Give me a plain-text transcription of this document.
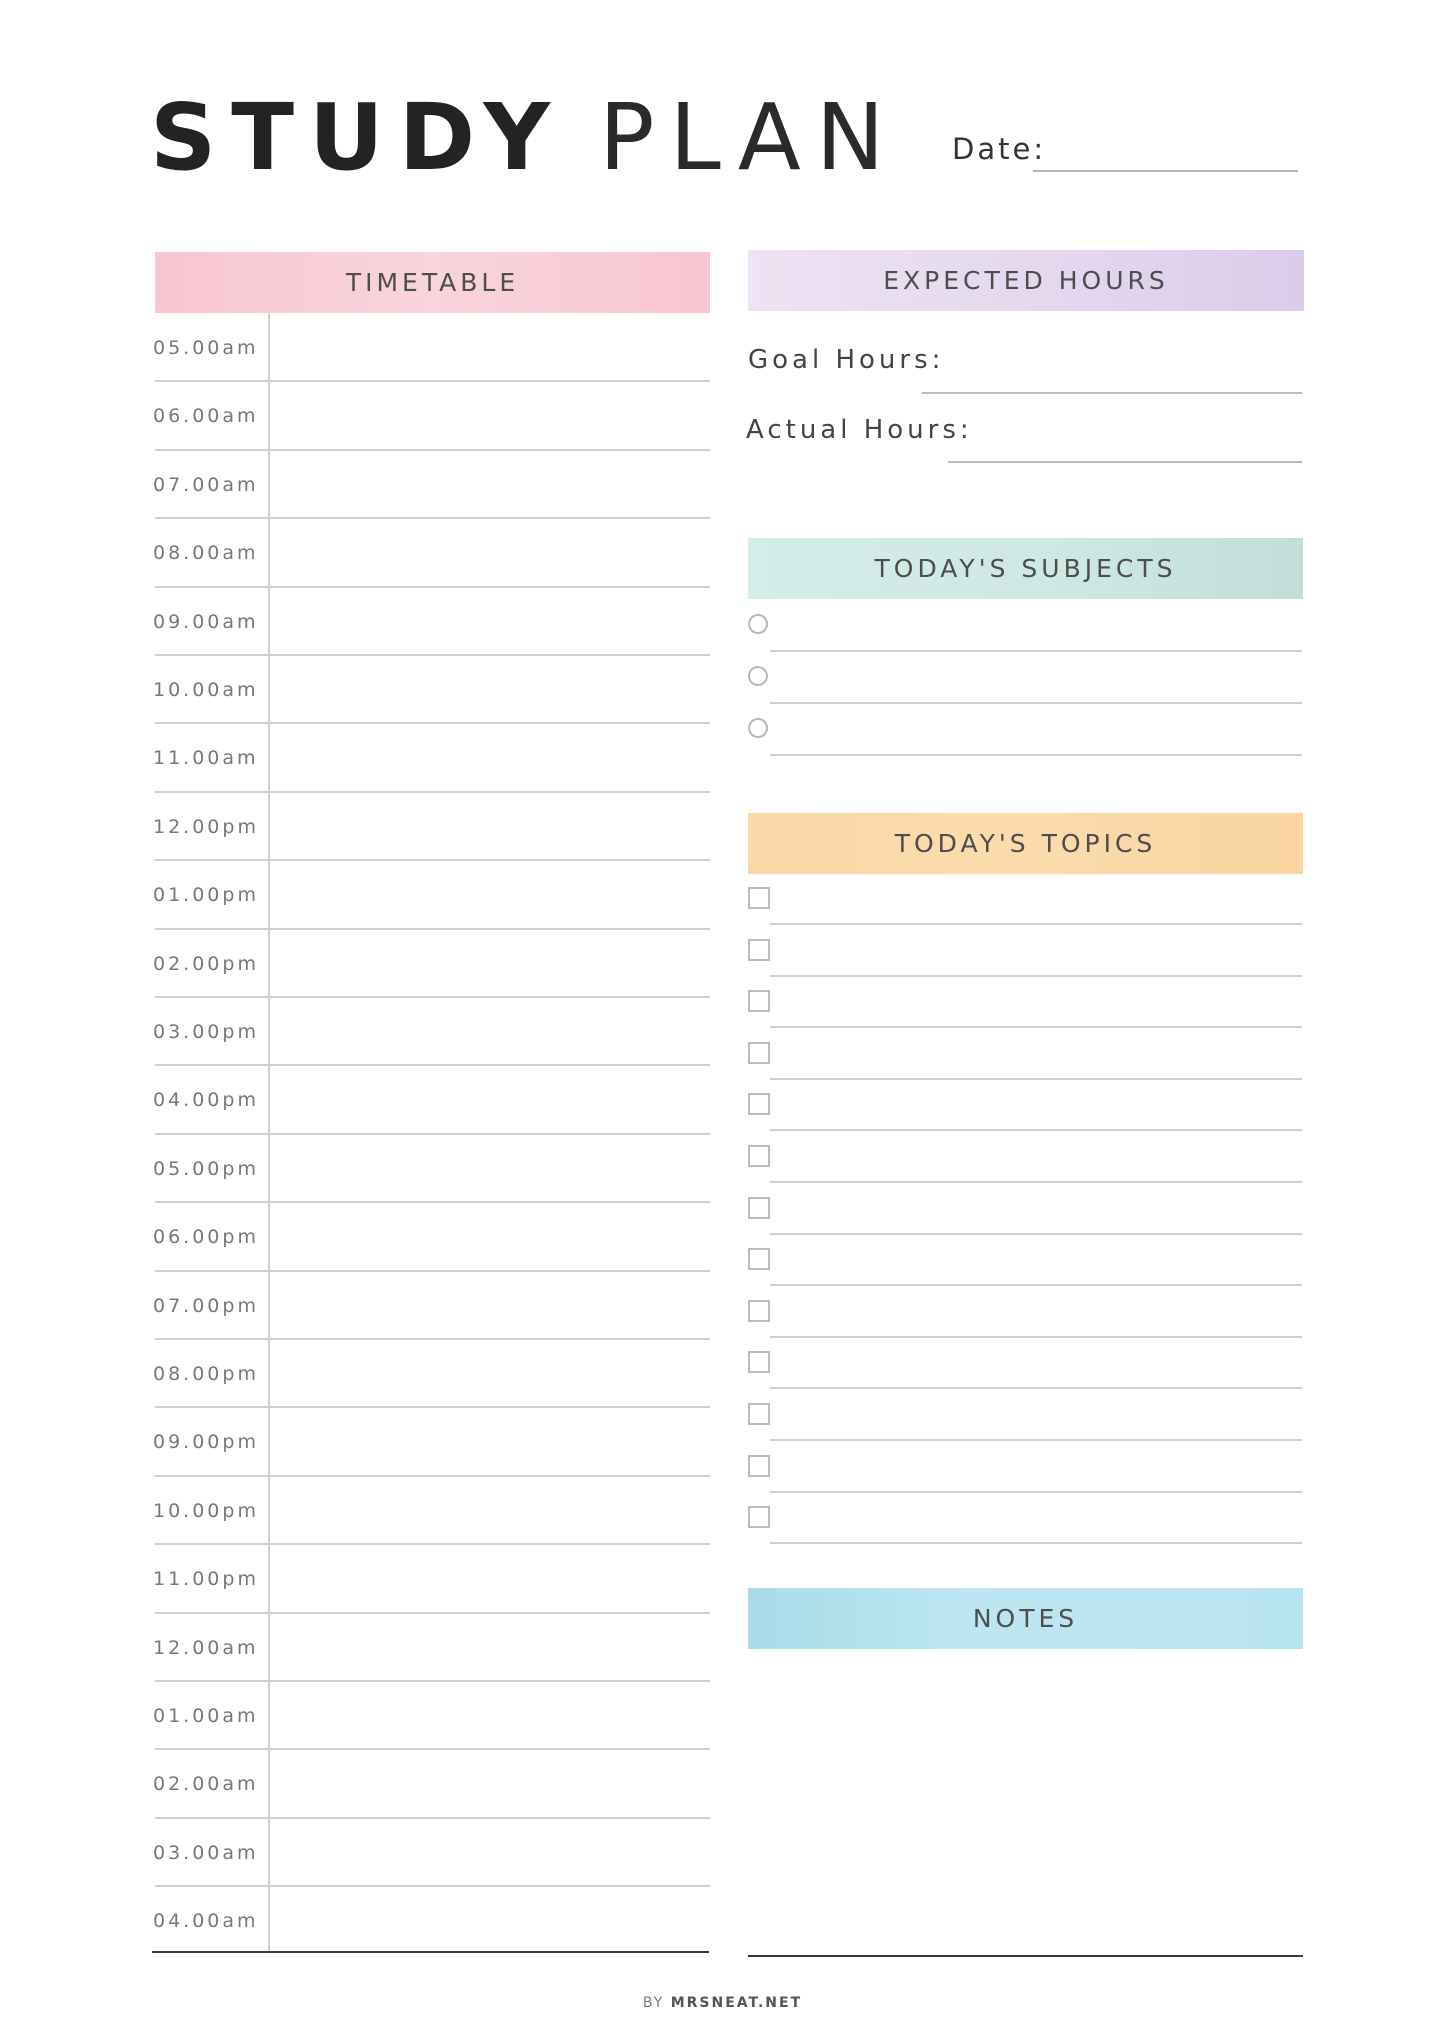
STUDY PLAN Date:
TIMETABLE
05.00am
06.00am
07.00am
08.00am
09.00am
10.00am
11.00am
12.00pm
01.00pm
02.00pm
03.00pm
04.00pm
05.00pm
06.00pm
07.00pm
08.00pm
09.00pm
10.00pm
11.00pm
12.00am
01.00am
02.00am
03.00am
04.00am
EXPECTED HOURS
Goal Hours:
Actual Hours:
TODAY'S SUBJECTS
TODAY'S TOPICS
NOTES
BY MRSNEAT.NET
